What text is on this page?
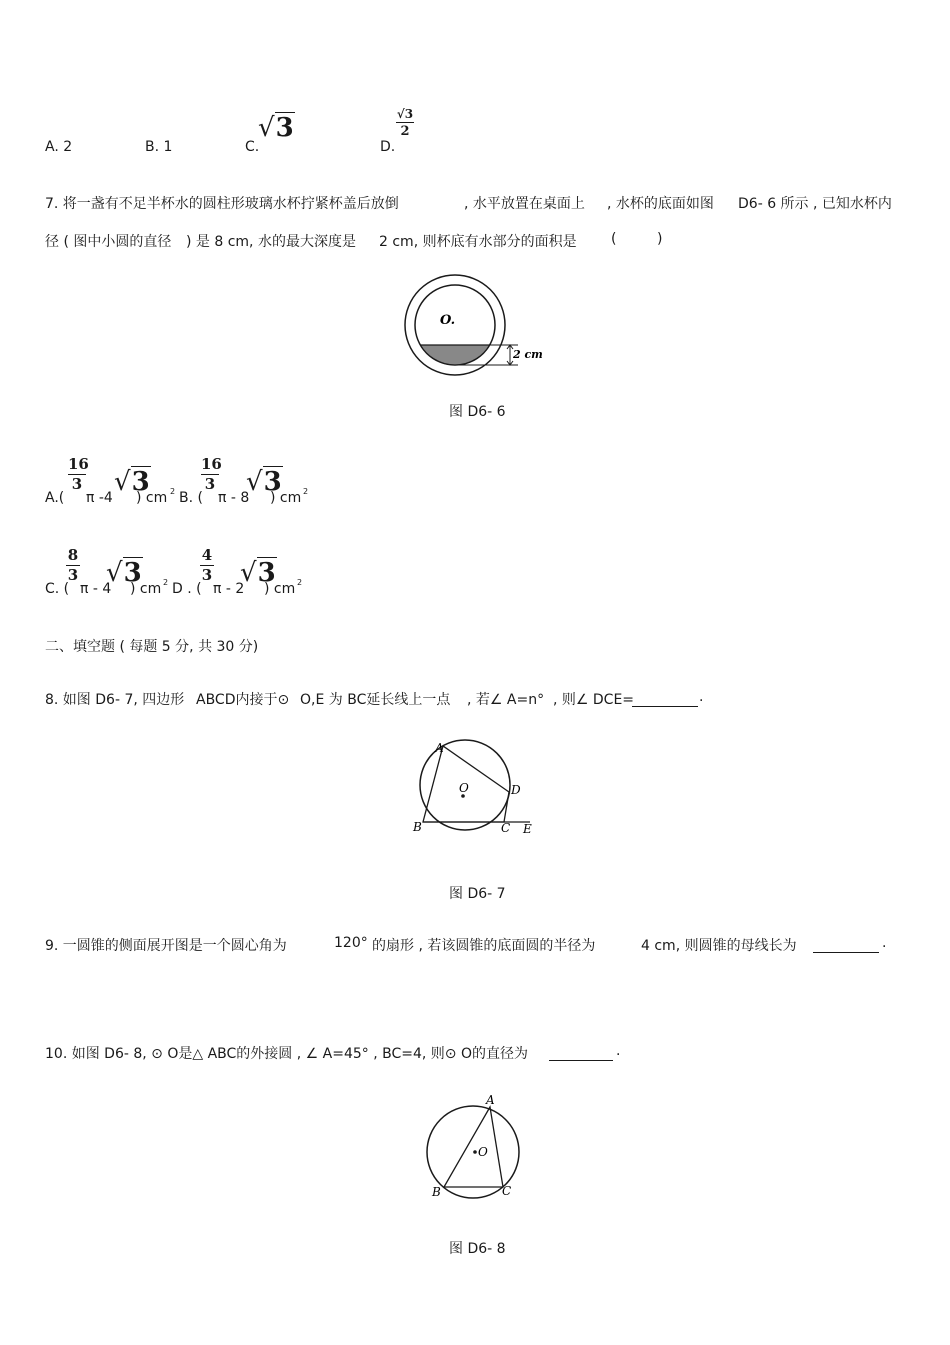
A. 2	B. 1	C.
√3
D.
√3
2
7. 将一盏有不足半杯水的圆柱形玻璃水杯拧紧杯盖后放倒	, 水平放置在桌面上 , 水杯的底面如图 D6- 6 所示 , 已知水杯内
径 ( 图中小圆的直径 ) 是 8 cm, 水的最大深度是 2 cm, 则杯底有水部分的面积是 (	)
O.
2 cm
图 D6- 6
A.(
16
3
π -4
√3
) cm 2 B. (
16
3
π - 8
√3
) cm 2
C. (
8
3
π - 4
√3
) cm 2 D . (
4
3
π - 2
√3
) cm 2
二、填空题 ( 每题 5 分, 共 30 分)
8. 如图 D6- 7, 四边形 ABCD内接于⊙ O,E 为 BC延长线上一点 , 若∠ A=n° , 则∠ DCE=	.
A
B	C
D
E
O
图 D6- 7
9. 一圆锥的侧面展开图是一个圆心角为	120° 的扇形 , 若该圆锥的底面圆的半径为	4 cm, 则圆锥的母线长为	.
10. 如图 D6- 8, ⊙ O是△ ABC的外接圆 , ∠ A=45° , BC=4, 则⊙ O的直径为	.
A
B	C
O
图 D6- 8
